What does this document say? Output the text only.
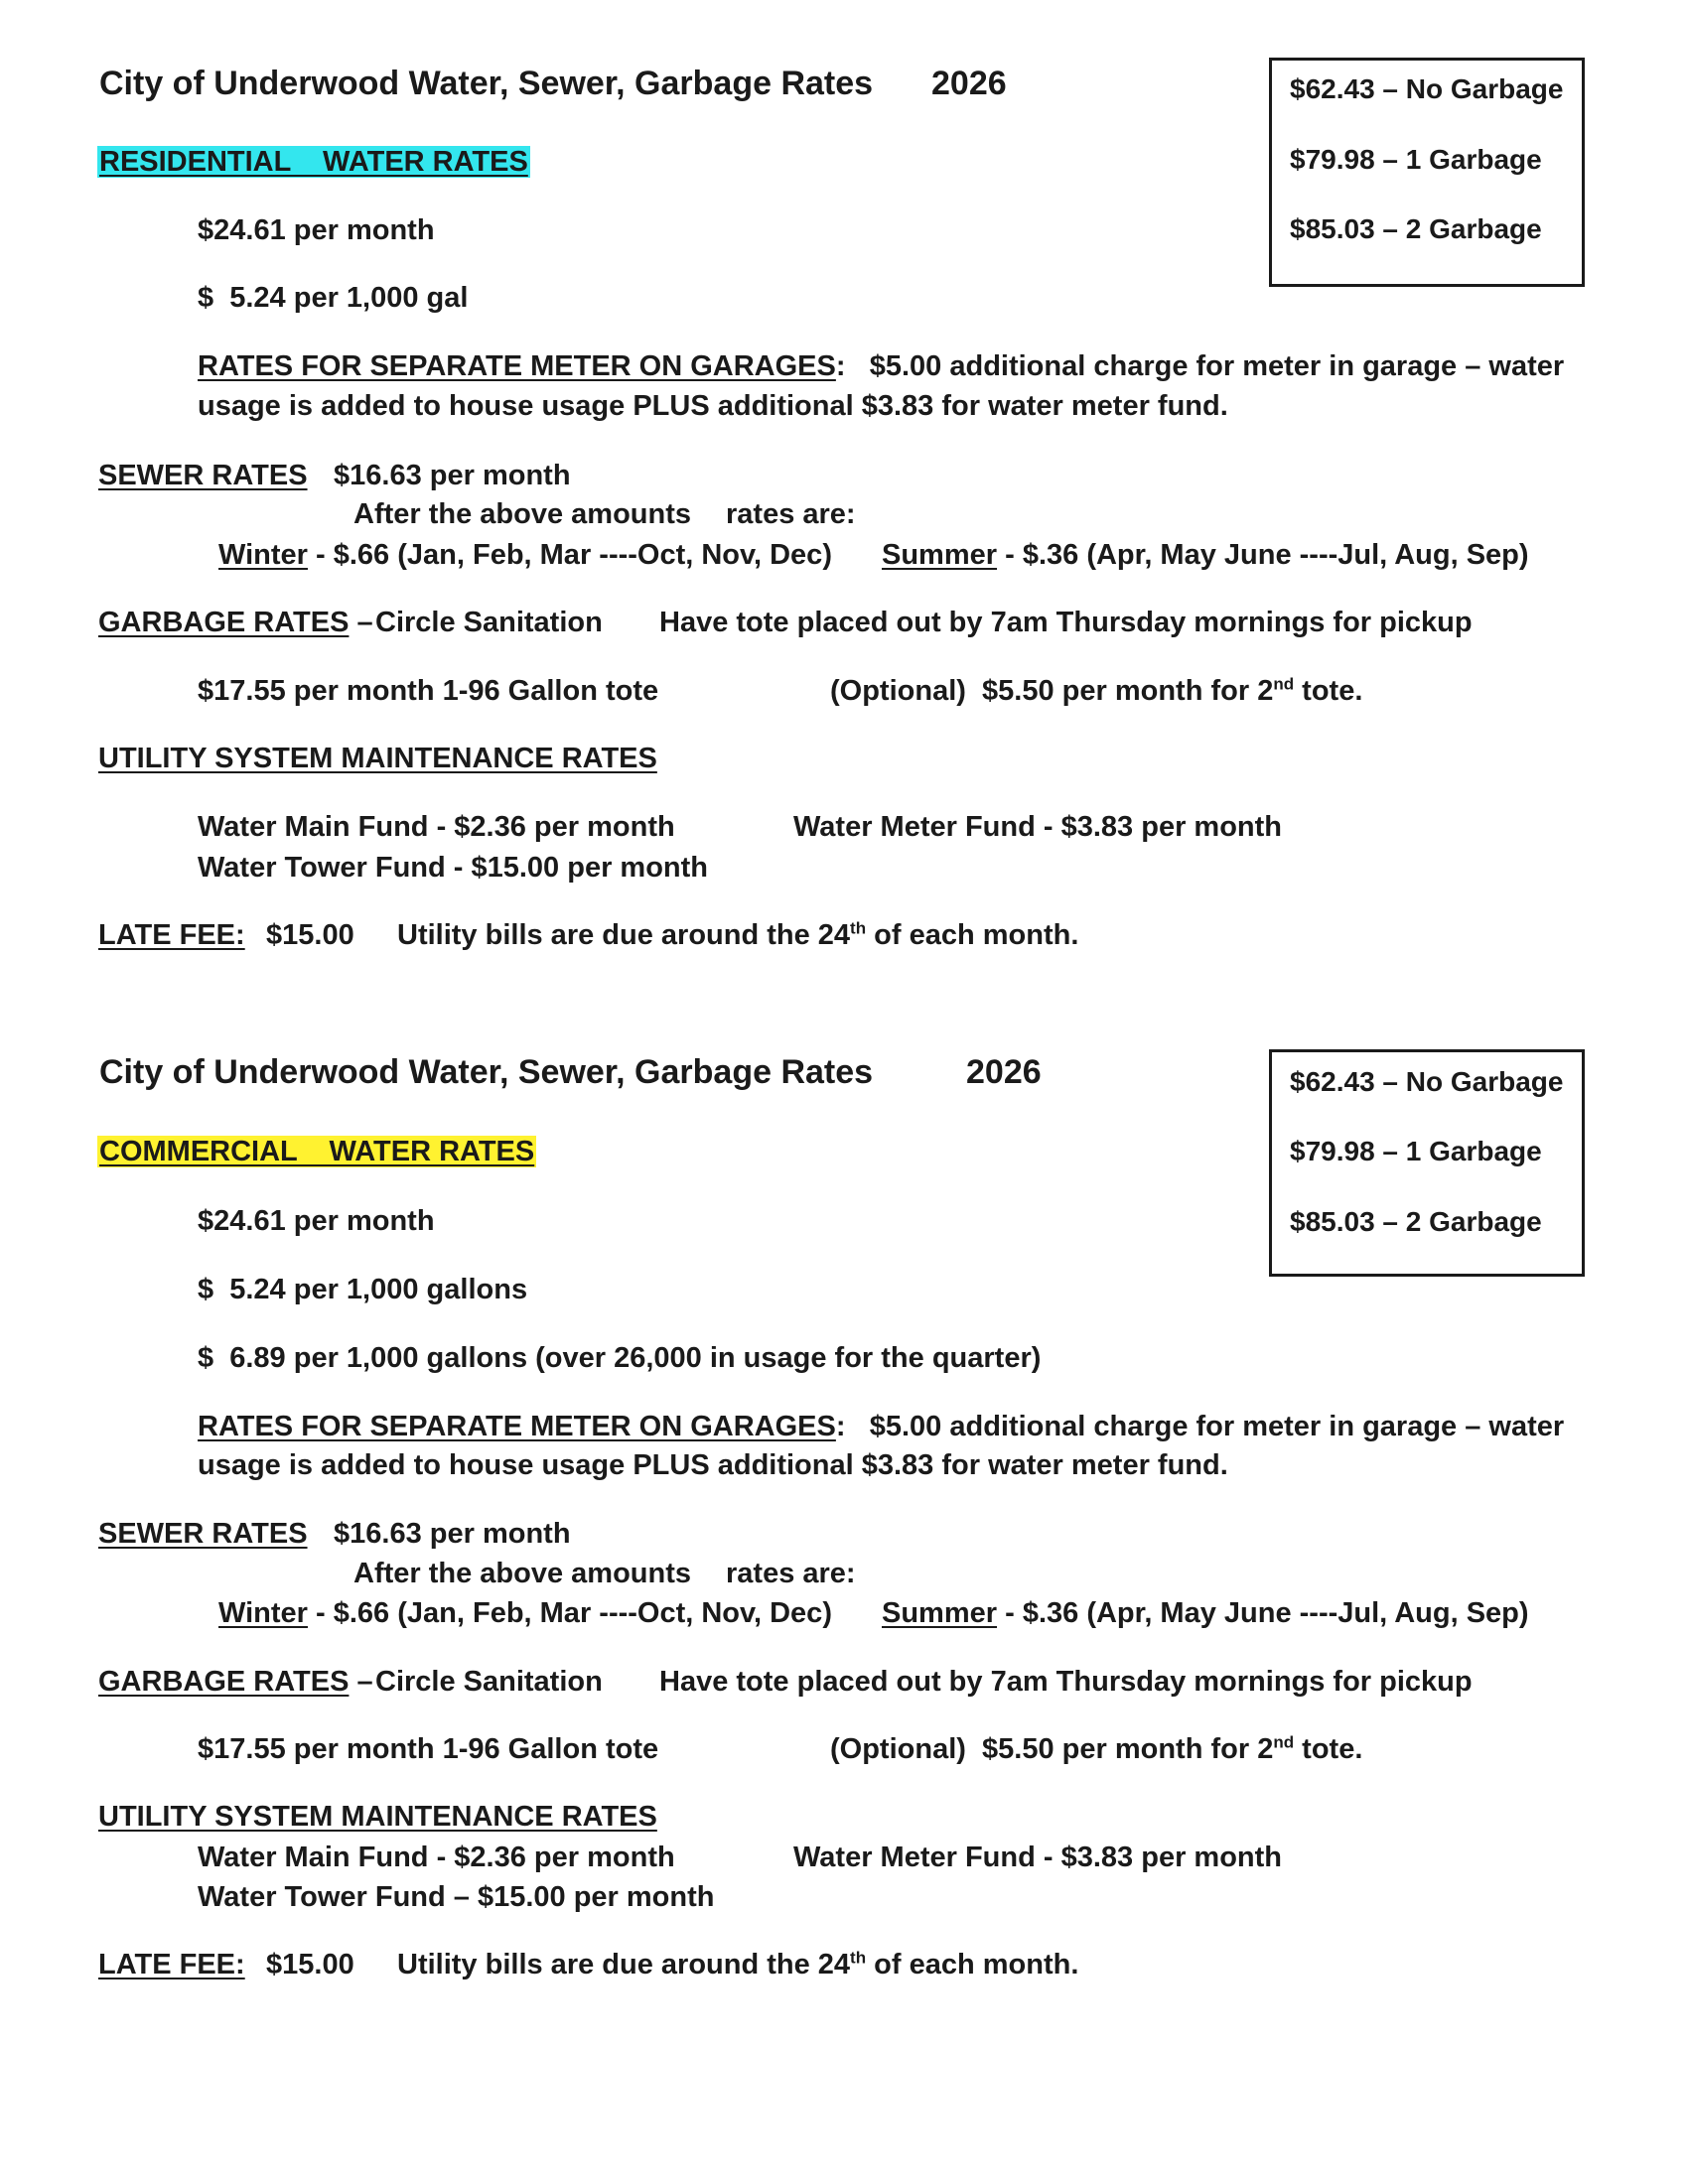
City of Underwood Water, Sewer, Garbage Rates 2026	$62.43 – No Garbage
$79.98 – 1 Garbage
$85.03 – 2 Garbage
RESIDENTIAL    WATER RATES
$24.61 per month
$  5.24 per 1,000 gal
RATES FOR SEPARATE METER ON GARAGES:   $5.00 additional charge for meter in garage – water
usage is added to house usage PLUS additional $3.83 for water meter fund.
SEWER RATES $16.63 per month
After the above amounts rates are:
Winter - $.66 (Jan, Feb, Mar ----Oct, Nov, Dec) Summer - $.36 (Apr, May June ----Jul, Aug, Sep)
GARBAGE RATES – Circle Sanitation Have tote placed out by 7am Thursday mornings for pickup
$17.55 per month 1-96 Gallon tote	(Optional)  $5.50 per month for 2nd tote.
UTILITY SYSTEM MAINTENANCE RATES
Water Main Fund - $2.36 per month	Water Meter Fund - $3.83 per month
Water Tower Fund - $15.00 per month
LATE FEE: $15.00 Utility bills are due around the 24th of each month.
City of Underwood Water, Sewer, Garbage Rates	2026	$62.43 – No Garbage
$79.98 – 1 Garbage
$85.03 – 2 Garbage
COMMERCIAL    WATER RATES
$24.61 per month
$  5.24 per 1,000 gallons
$  6.89 per 1,000 gallons (over 26,000 in usage for the quarter)
RATES FOR SEPARATE METER ON GARAGES:   $5.00 additional charge for meter in garage – water
usage is added to house usage PLUS additional $3.83 for water meter fund.
SEWER RATES $16.63 per month
After the above amounts rates are:
Winter - $.66 (Jan, Feb, Mar ----Oct, Nov, Dec) Summer - $.36 (Apr, May June ----Jul, Aug, Sep)
GARBAGE RATES – Circle Sanitation Have tote placed out by 7am Thursday mornings for pickup
$17.55 per month 1-96 Gallon tote	(Optional)  $5.50 per month for 2nd tote.
UTILITY SYSTEM MAINTENANCE RATES
Water Main Fund - $2.36 per month	Water Meter Fund - $3.83 per month
Water Tower Fund – $15.00 per month
LATE FEE: $15.00 Utility bills are due around the 24th of each month.
